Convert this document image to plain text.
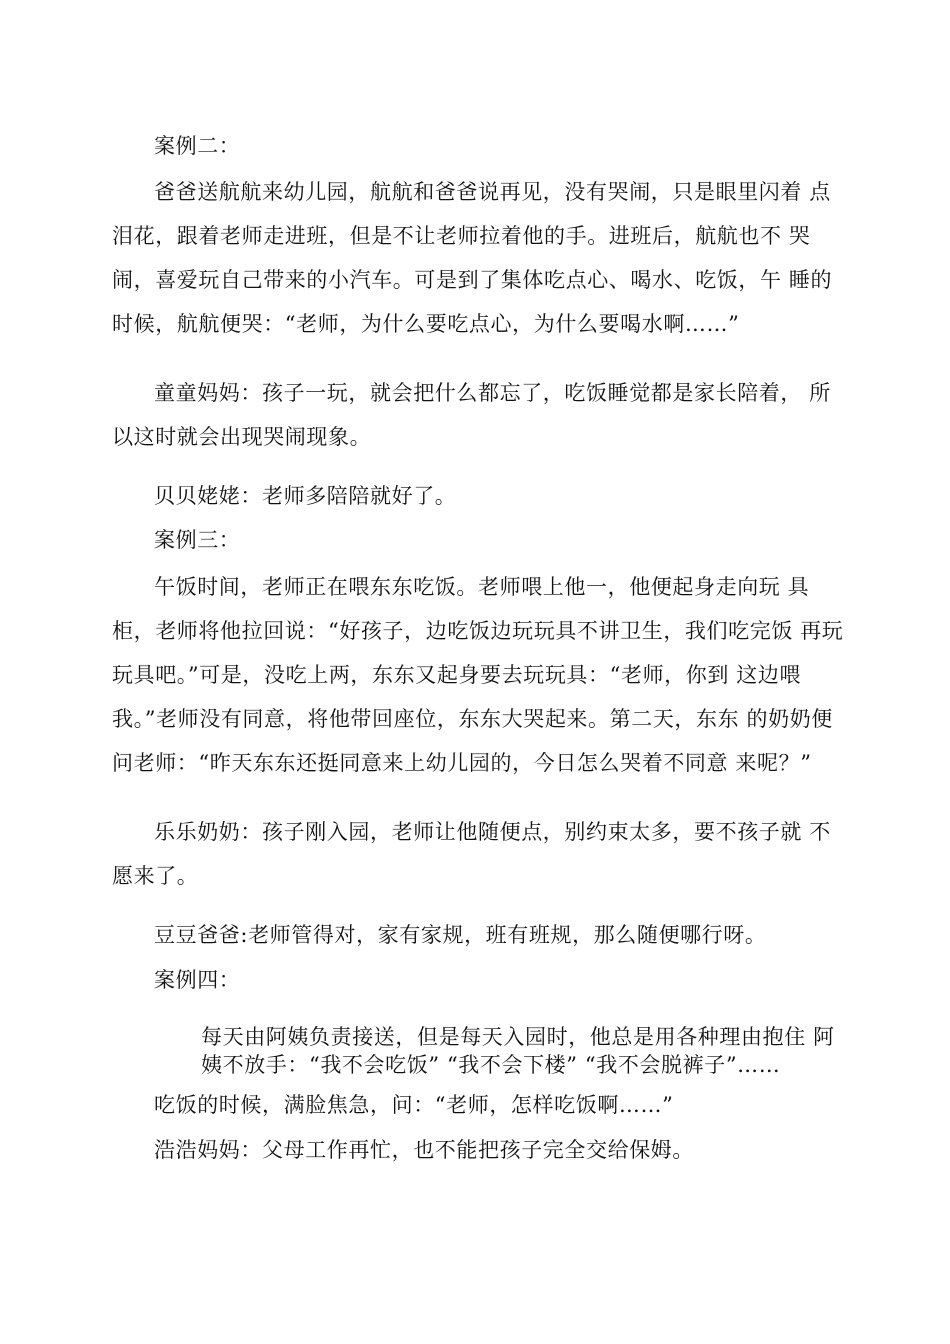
案例二：

爸爸送航航来幼儿园，航航和爸爸说再见，没有哭闹，只是眼里闪着 点泪花，跟着老师走进班，但是不让老师拉着他的手。进班后，航航也不 哭闹，喜爱玩自己带来的小汽车。可是到了集体吃点心、喝水、吃饭，午 睡的时候，航航便哭：“老师，为什么要吃点心，为什么要喝水啊……”

童童妈妈：孩子一玩，就会把什么都忘了，吃饭睡觉都是家长陪着， 所以这时就会出现哭闹现象。

贝贝姥姥：老师多陪陪就好了。

案例三：

午饭时间，老师正在喂东东吃饭。老师喂上他一，他便起身走向玩 具柜，老师将他拉回说：“好孩子，边吃饭边玩玩具不讲卫生，我们吃完饭 再玩玩具吧。”可是，没吃上两，东东又起身要去玩玩具：“老师，你到 这边喂我。”老师没有同意，将他带回座位，东东大哭起来。第二天，东东 的奶奶便问老师：“昨天东东还挺同意来上幼儿园的，今日怎么哭着不同意 来呢？”

乐乐奶奶：孩子刚入园，老师让他随便点，别约束太多，要不孩子就 不愿来了。

豆豆爸爸:老师管得对，家有家规，班有班规，那么随便哪行呀。

案例四：

每天由阿姨负责接送，但是每天入园时，他总是用各种理由抱住 阿姨不放手：“我不会吃饭” “我不会下楼” “我不会脱裤子”……

吃饭的时候，满脸焦急，问：“老师，怎样吃饭啊……”

浩浩妈妈：父母工作再忙，也不能把孩子完全交给保姆。
